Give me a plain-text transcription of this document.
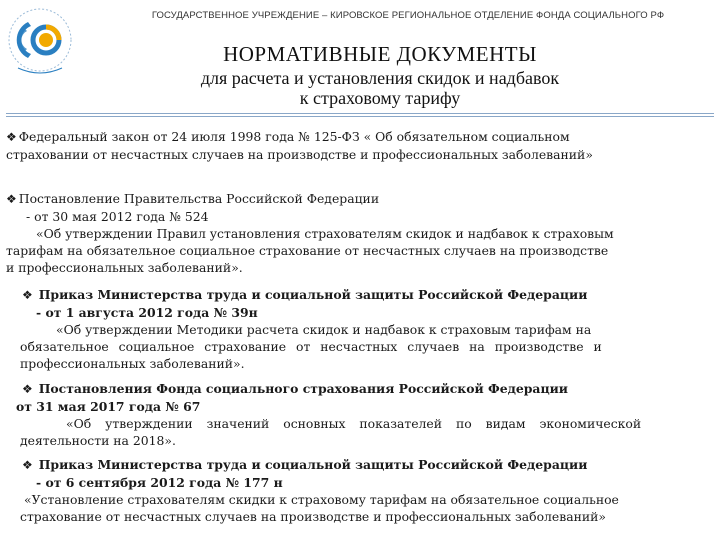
ГОСУДАРСТВЕННОЕ УЧРЕЖДЕНИЕ – КИРОВСКОЕ РЕГИОНАЛЬНОЕ ОТДЕЛЕНИЕ ФОНДА СОЦИАЛЬНОГО РФ
НОРМАТИВНЫЕ ДОКУМЕНТЫ
для расчета и установления скидок и надбавок
к страховому тарифу
❖ Федеральный закон от 24 июля 1998 года № 125-ФЗ « Об обязательном социальном
страховании от несчастных случаев на производстве и профессиональных заболеваний»
❖ Постановление Правительства Российской Федерации
- от 30 мая 2012 года № 524
«Об утверждении Правил установления страхователям скидок и надбавок к страховым
тарифам на обязательное социальное страхование от несчастных случаев на производстве
и профессиональных заболеваний».
❖ Приказ Министерства труда и социальной защиты Российской Федерации
- от 1 августа 2012 года № 39н
«Об утверждении Методики расчета скидок и надбавок к страховым тарифам на
обязательное социальное страхование от несчастных случаев на производстве и
профессиональных заболеваний».
❖ Постановления Фонда социального страхования Российской Федерации
от 31 мая 2017 года № 67
«Об утверждении значений основных показателей по видам экономической
деятельности на 2018».
❖ Приказ Министерства труда и социальной защиты Российской Федерации
- от 6 сентября 2012 года № 177 н
«Установление страхователям скидки к страховому тарифам на обязательное социальное
страхование от несчастных случаев на производстве и профессиональных заболеваний»
